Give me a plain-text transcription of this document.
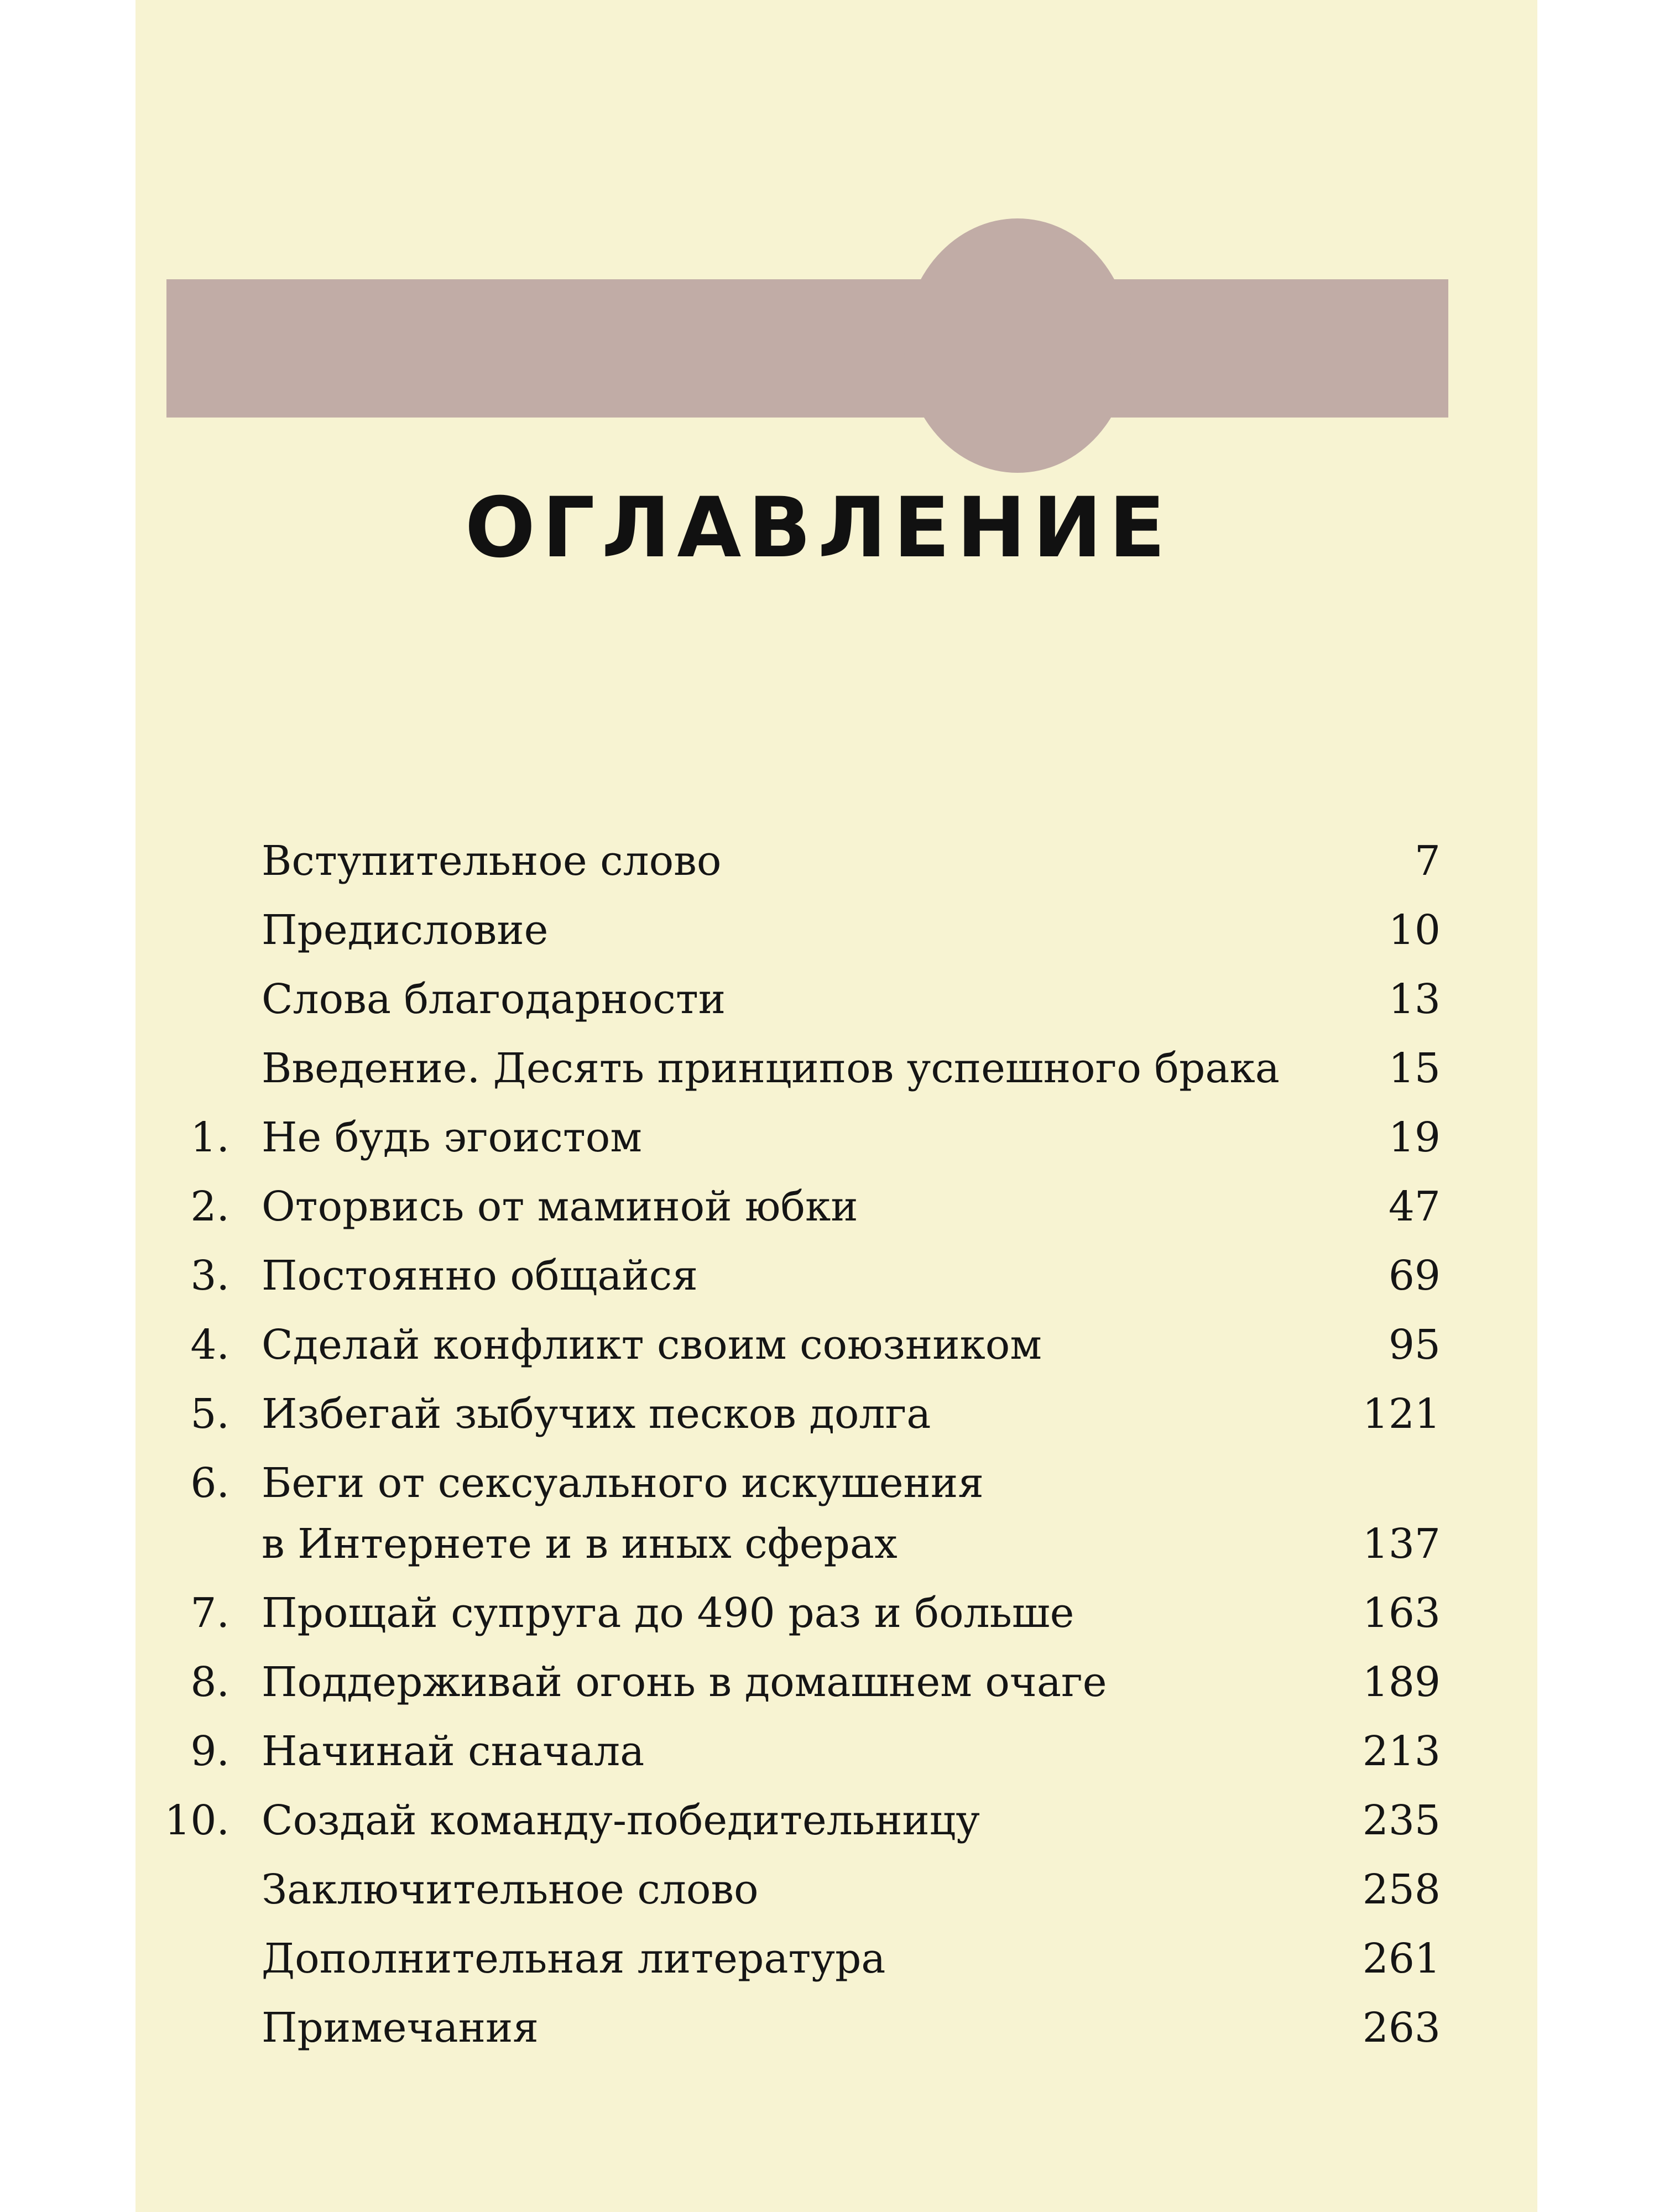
ОГЛАВЛЕНИЕ
Вступительное слово	7
Предисловие	10
Слова благодарности	13
Введение. Десять принципов успешного брака	15
1. Не будь эгоистом	19
2. Оторвись от маминой юбки	47
3. Постоянно общайся	69
4. Сделай конфликт своим союзником	95
5. Избегай зыбучих песков долга	121
6. Беги от сексуального искушения
в Интернете и в иных сферах	137
7. Прощай супруга до 490 раз и больше	163
8. Поддерживай огонь в домашнем очаге	189
9. Начинай сначала	213
10. Создай команду-победительницу	235
Заключительное слово	258
Дополнительная литература	261
Примечания	263
